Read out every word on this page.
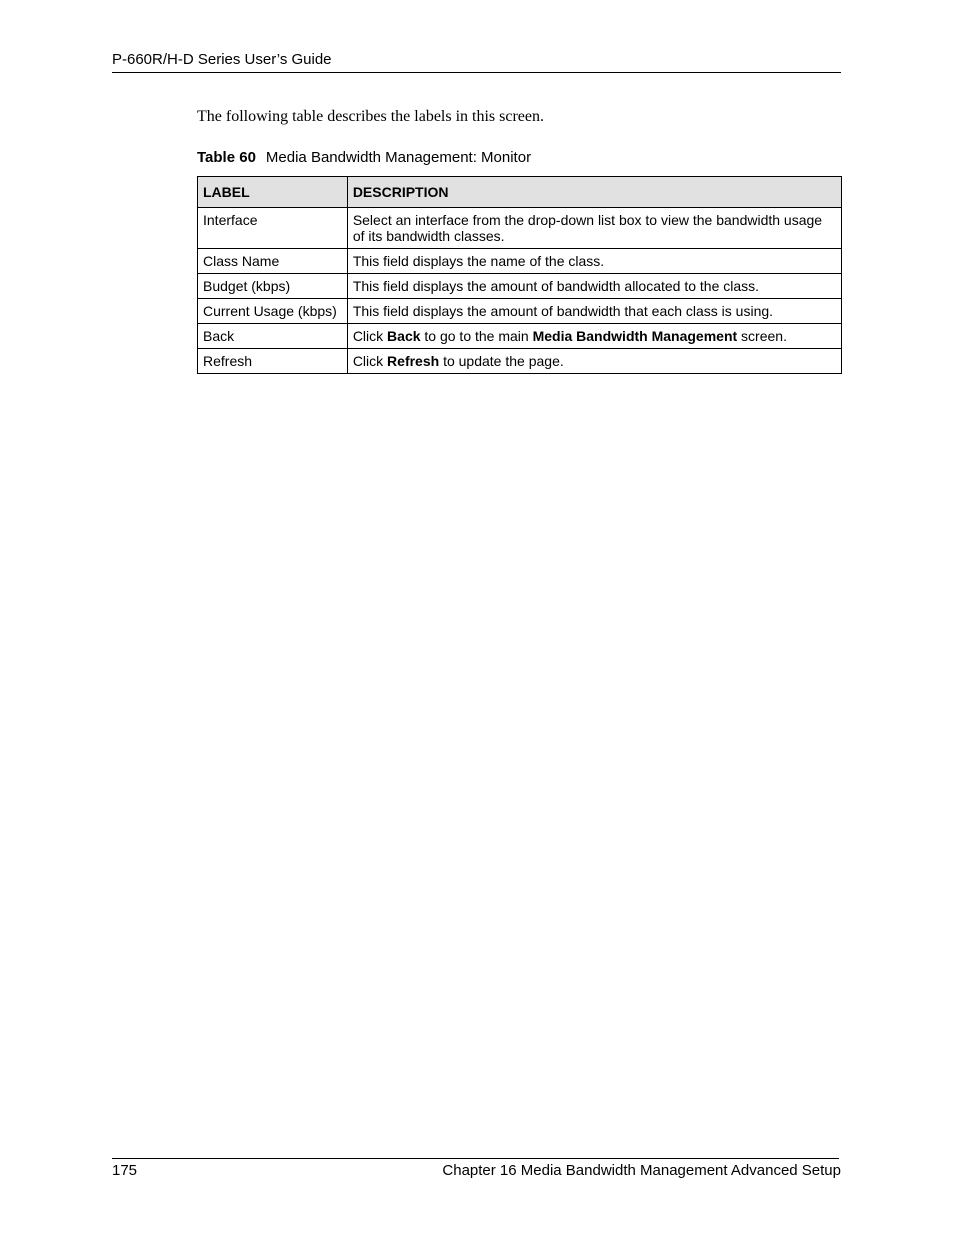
P-660R/H-D Series User’s Guide
The following table describes the labels in this screen.
Table 60 Media Bandwidth Management: Monitor
LABEL	DESCRIPTION
Interface	Select an interface from the drop-down list box to view the bandwidth usage of its bandwidth classes.
Class Name	This field displays the name of the class.
Budget (kbps)	This field displays the amount of bandwidth allocated to the class.
Current Usage (kbps)	This field displays the amount of bandwidth that each class is using.
Back	Click Back to go to the main Media Bandwidth Management screen.
Refresh	Click Refresh to update the page.
175	Chapter 16 Media Bandwidth Management Advanced Setup
